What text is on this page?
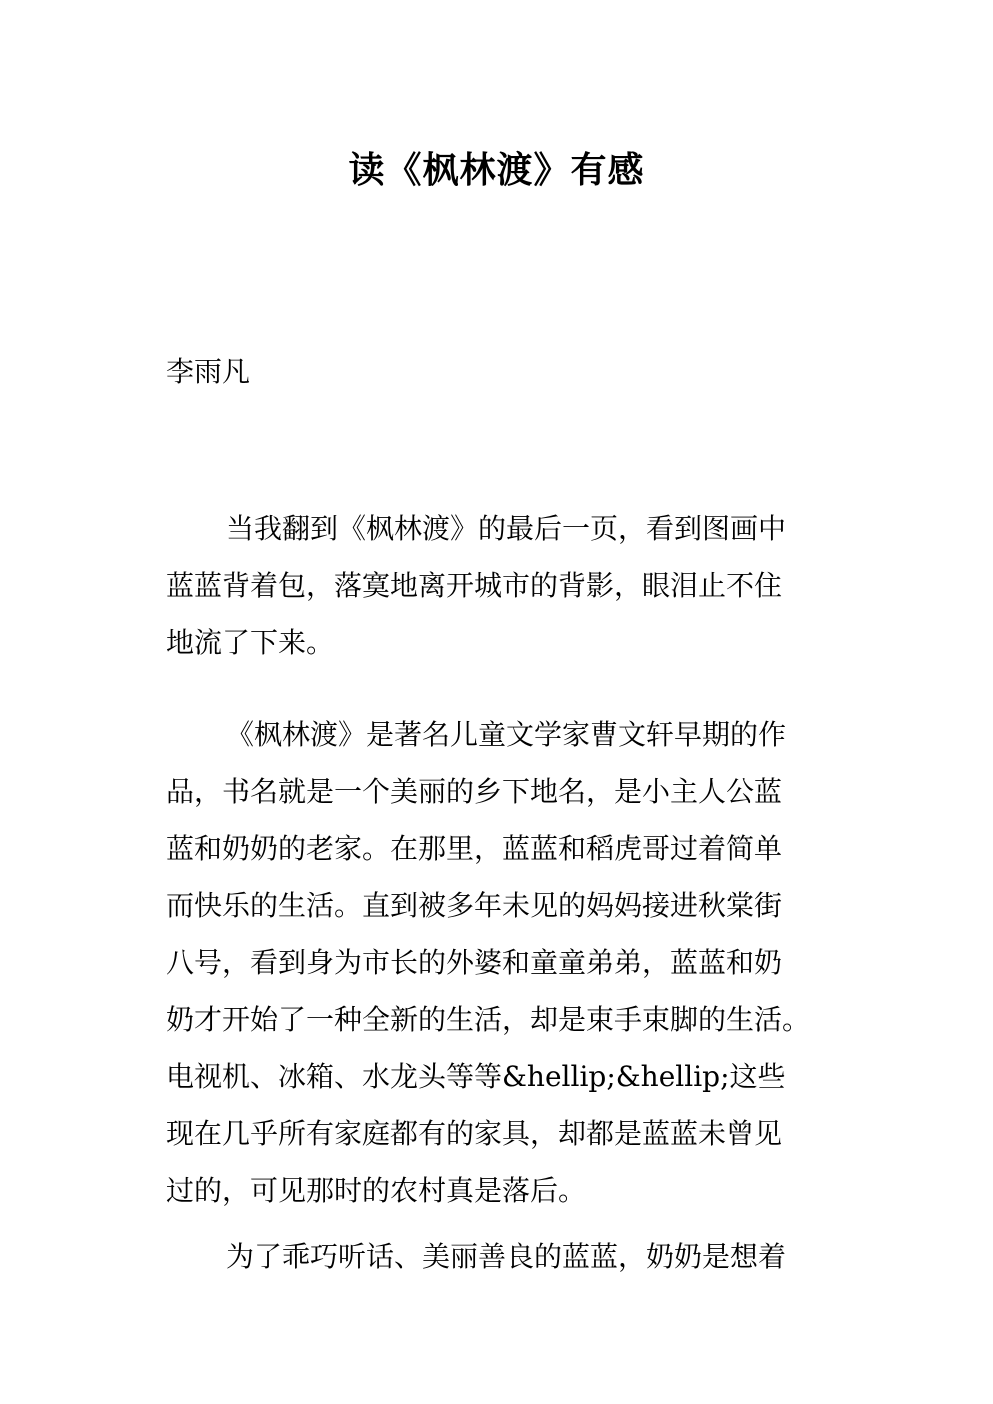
读《枫林渡》有感
李雨凡
当我翻到《枫林渡》的最后一页，看到图画中
蓝蓝背着包，落寞地离开城市的背影，眼泪止不住
地流了下来。
《枫林渡》是著名儿童文学家曹文轩早期的作
品，书名就是一个美丽的乡下地名，是小主人公蓝
蓝和奶奶的老家。在那里，蓝蓝和稻虎哥过着简单
而快乐的生活。直到被多年未见的妈妈接进秋棠街
八号，看到身为市长的外婆和童童弟弟，蓝蓝和奶
奶才开始了一种全新的生活，却是束手束脚的生活。
电视机、冰箱、水龙头等等&hellip;&hellip;这些
现在几乎所有家庭都有的家具，却都是蓝蓝未曾见
过的，可见那时的农村真是落后。
为了乖巧听话、美丽善良的蓝蓝，奶奶是想着
